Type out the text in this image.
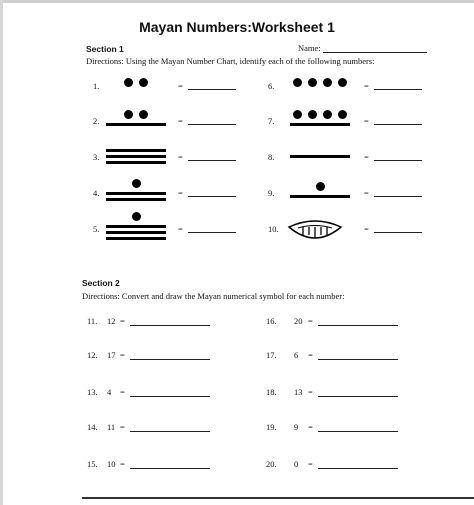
Mayan Numbers:Worksheet 1
Section 1	Name:
Directions: Using the Mayan Number Chart, identify each of the following numbers:
1.	=
2.	=
3.	=
4.	=
5.	=
6.	=
7.	=
8.	=
9.	=
10.	=
Section 2
Directions: Convert and draw the Mayan numerical symbol for each number:
11. 12 =
12. 17 =
13. 4 =
14. 11 =
15. 10 =
16. 20 =
17. 6 =
18. 13 =
19. 9 =
20. 0 =
